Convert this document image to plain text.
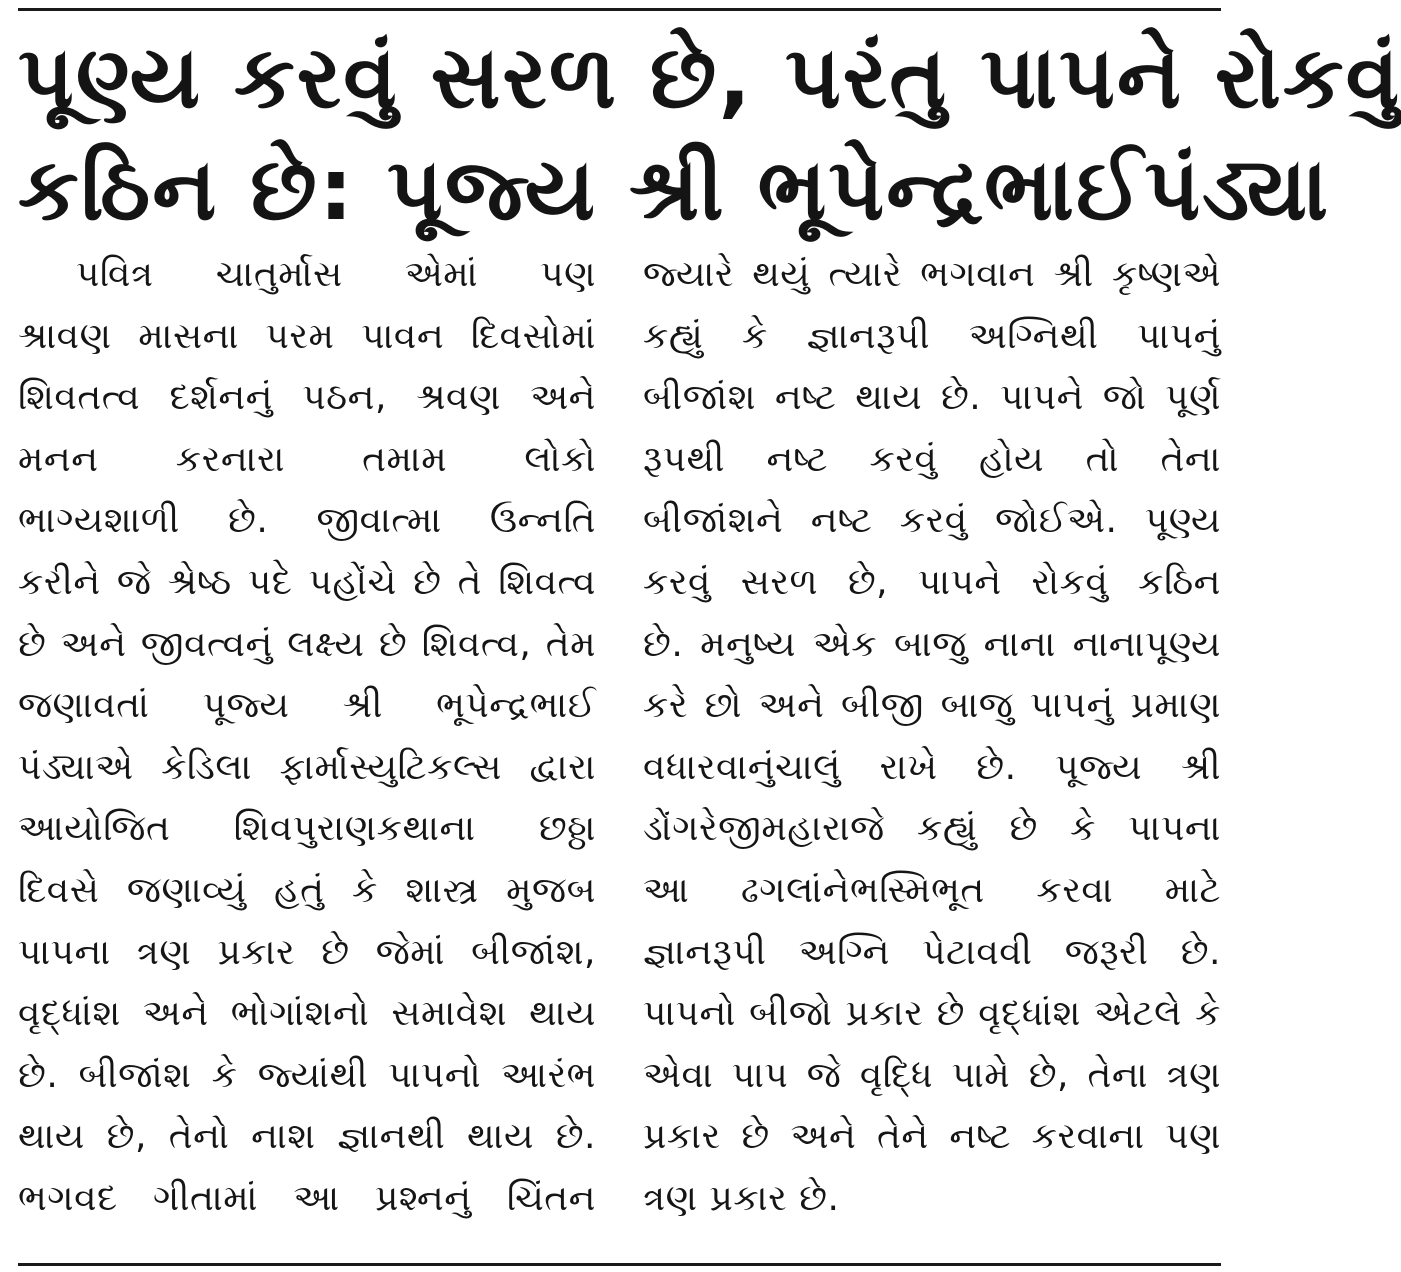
પૂણ્ય કરવું સરળ છે, પરંતુ પાપને રોકવું
કઠિન છે: પૂજ્ય શ્રી ભૂપેન્દ્રભાઈપંડ્યા
પવિત્ર ચાતુર્માસ એમાં પણ
શ્રાવણ માસના પરમ પાવન દિવસોમાં
શિવતત્વ દર્શનનું પઠન, શ્રવણ અને
મનન કરનારા તમામ લોકો
ભાગ્યશાળી છે. જીવાત્મા ઉન્નતિ
કરીને જે શ્રેષ્ઠ પદે પહોંચે છે તે શિવત્વ
છે અને જીવત્વનું લક્ષ્ય છે શિવત્વ, તેમ
જણાવતાં પૂજ્ય શ્રી ભૂપેન્દ્રભાઈ
પંડ્યાએ કેડિલા ફાર્માસ્યુટિકલ્સ દ્વારા
આયોજિત શિવપુરાણકથાના છઠ્ઠા
દિવસે જણાવ્યું હતું કે શાસ્ત્ર મુજબ
પાપના ત્રણ પ્રકાર છે જેમાં બીજાંશ,
વૃદ્ધાંશ અને ભોગાંશનો સમાવેશ થાય
છે. બીજાંશ કે જ્યાંથી પાપનો આરંભ
થાય છે, તેનો નાશ જ્ઞાનથી થાય છે.
ભગવદ ગીતામાં આ પ્રશ્નનું ચિંતન
જ્યારે થયું ત્યારે ભગવાન શ્રી કૃષ્ણએ
કહ્યું કે જ્ઞાનરૂપી અગ્નિથી પાપનું
બીજાંશ નષ્ટ થાય છે. પાપને જો પૂર્ણ
રૂપથી નષ્ટ કરવું હોય તો તેના
બીજાંશને નષ્ટ કરવું જોઈએ. પૂણ્ય
કરવું સરળ છે, પાપને રોકવું કઠિન
છે. મનુષ્ય એક બાજુ નાના નાનાપૂણ્ય
કરે છો અને બીજી બાજુ પાપનું પ્રમાણ
વધારવાનુંચાલું રાખે છે. પૂજ્ય શ્રી
ડોંગરેજીમહારાજે કહ્યું છે કે પાપના
આ ઢગલાંનેભસ્મિભૂત કરવા માટે
જ્ઞાનરૂપી અગ્નિ પેટાવવી જરૂરી છે.
પાપનો બીજો પ્રકાર છે વૃદ્ધાંશ એટલે કે
એવા પાપ જે વૃદ્ધિ પામે છે, તેના ત્રણ
પ્રકાર છે અને તેને નષ્ટ કરવાના પણ
ત્રણ પ્રકાર છે.
